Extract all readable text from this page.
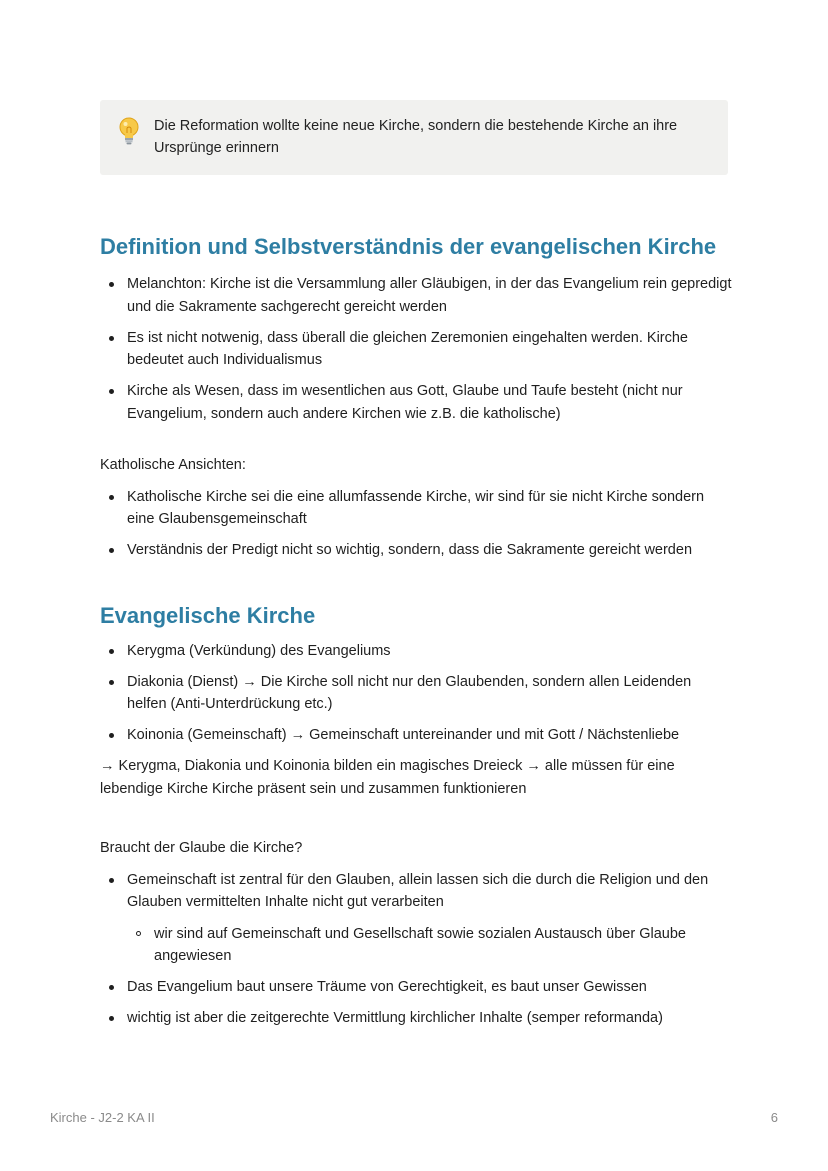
Die Reformation wollte keine neue Kirche, sondern die bestehende Kirche an ihre Ursprünge erinnern
Definition und Selbstverständnis der evangelischen Kirche
Melanchton: Kirche ist die Versammlung aller Gläubigen, in der das Evangelium rein gepredigt und die Sakramente sachgerecht gereicht werden
Es ist nicht notwenig, dass überall die gleichen Zeremonien eingehalten werden. Kirche bedeutet auch Individualismus
Kirche als Wesen, dass im wesentlichen aus Gott, Glaube und Taufe besteht (nicht nur Evangelium, sondern auch andere Kirchen wie z.B. die katholische)

Katholische Ansichten:

Katholische Kirche sei die eine allumfassende Kirche, wir sind für sie nicht Kirche sondern eine Glaubensgemeinschaft
Verständnis der Predigt nicht so wichtig, sondern, dass die Sakramente gereicht werden
Evangelische Kirche
Kerygma (Verkündung) des Evangeliums
Diakonia (Dienst) → Die Kirche soll nicht nur den Glaubenden, sondern allen Leidenden helfen (Anti-Unterdrückung etc.)
Koinonia (Gemeinschaft) → Gemeinschaft untereinander und mit Gott / Nächstenliebe

→ Kerygma, Diakonia und Koinonia bilden ein magisches Dreieck → alle müssen für eine lebendige Kirche Kirche präsent sein und zusammen funktionieren

Braucht der Glaube die Kirche?

Gemeinschaft ist zentral für den Glauben, allein lassen sich die durch die Religion und den Glauben vermittelten Inhalte nicht gut verarbeiten
wir sind auf Gemeinschaft und Gesellschaft sowie sozialen Austausch über Glaube angewiesen
Das Evangelium baut unsere Träume von Gerechtigkeit, es baut unser Gewissen
wichtig ist aber die zeitgerechte Vermittlung kirchlicher Inhalte (semper reformanda)
Kirche - J2-2 KA II	6
